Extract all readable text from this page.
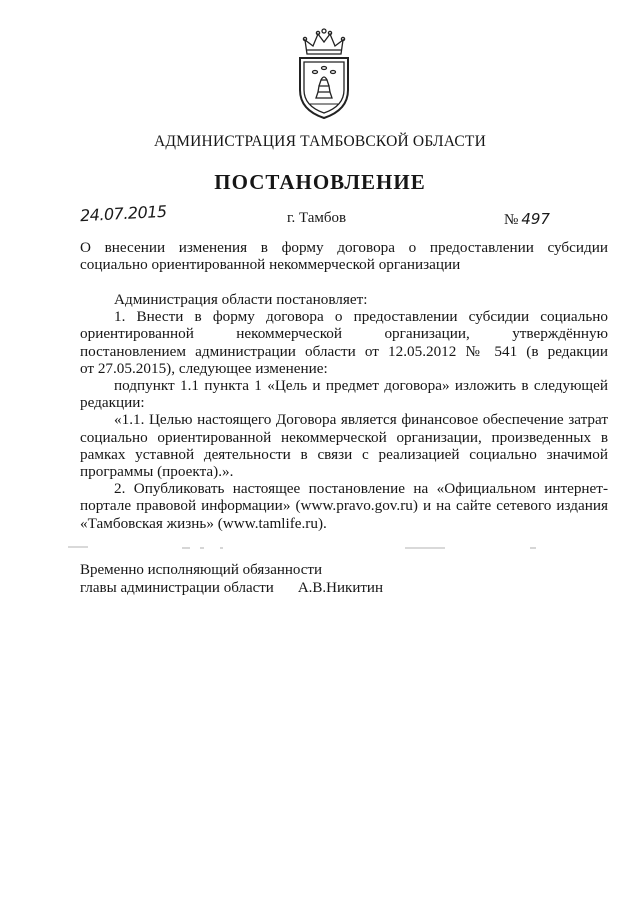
АДМИНИСТРАЦИЯ ТАМБОВСКОЙ ОБЛАСТИ
ПОСТАНОВЛЕНИЕ
24.07.2015	г. Тамбов	№ 497
О внесении изменения в форму договора о предоставлении субсидии
социально ориентированной некоммерческой организации
Администрация области постановляет:
1. Внести в форму договора о предоставлении субсидии социально
ориентированной некоммерческой организации, утверждённую
постановлением администрации области от 12.05.2012 № 541 (в редакции
от 27.05.2015), следующее изменение:
подпункт 1.1 пункта 1 «Цель и предмет договора» изложить в следующей
редакции:
«1.1. Целью настоящего Договора является финансовое обеспечение затрат
социально ориентированной некоммерческой организации, произведенных в
рамках уставной деятельности в связи с реализацией социально значимой
программы (проекта).».
2. Опубликовать настоящее постановление на «Официальном интернет-
портале правовой информации» (www.pravo.gov.ru) и на сайте сетевого издания
«Тамбовская жизнь» (www.tamlife.ru).
Временно исполняющий обязанности
главы администрации области А.В.Никитин
